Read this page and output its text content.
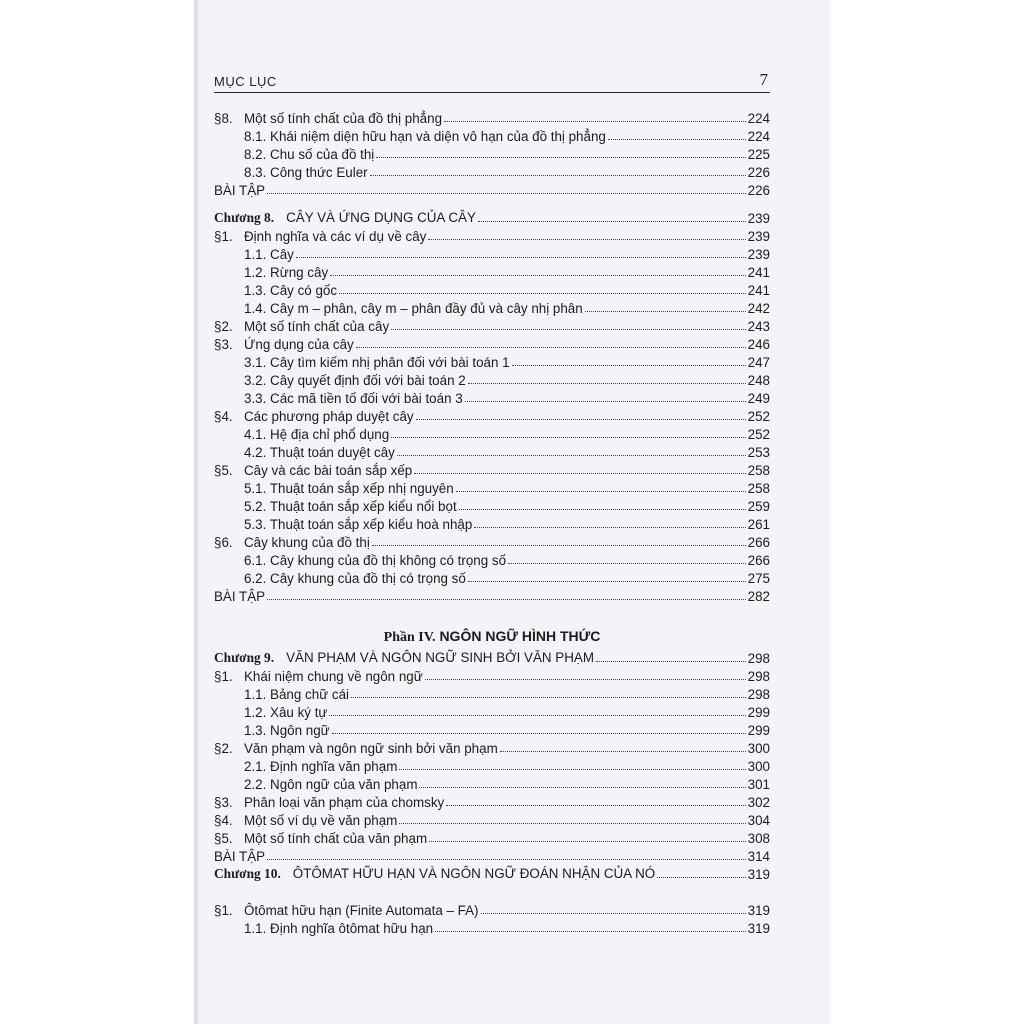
MỤC LỤC	7
Phần IV. NGÔN NGỮ HÌNH THỨC
§8. Một số tính chất của đồ thị phẳng	224
8.1. Khái niệm diện hữu hạn và diện vô hạn của đồ thị phẳng	224
8.2. Chu số của đồ thị	225
8.3. Công thức Euler	226
BÀI TẬP	226
Chương 8. CÂY VÀ ỨNG DỤNG CỦA CÂY	239
§1. Định nghĩa và các ví dụ về cây	239
1.1. Cây	239
1.2. Rừng cây	241
1.3. Cây có gốc	241
1.4. Cây m – phân, cây m – phân đầy đủ và cây nhị phân	242
§2. Một số tính chất của cây	243
§3. Ứng dụng của cây	246
3.1. Cây tìm kiếm nhị phân đối với bài toán 1	247
3.2. Cây quyết định đối với bài toán 2	248
3.3. Các mã tiền tố đối với bài toán 3	249
§4. Các phương pháp duyệt cây	252
4.1. Hệ địa chỉ phổ dụng	252
4.2. Thuật toán duyệt cây	253
§5. Cây và các bài toán sắp xếp	258
5.1. Thuật toán sắp xếp nhị nguyên	258
5.2. Thuật toán sắp xếp kiểu nổi bọt	259
5.3. Thuật toán sắp xếp kiểu hoà nhập	261
§6. Cây khung của đồ thị	266
6.1. Cây khung của đồ thị không có trọng số	266
6.2. Cây khung của đồ thị có trọng số	275
BÀI TẬP	282
Chương 9. VĂN PHẠM VÀ NGÔN NGỮ SINH BỞI VĂN PHẠM	298
§1. Khái niệm chung về ngôn ngữ	298
1.1. Bảng chữ cái	298
1.2. Xâu ký tự	299
1.3. Ngôn ngữ	299
§2. Văn phạm và ngôn ngữ sinh bởi văn phạm	300
2.1. Định nghĩa văn phạm	300
2.2. Ngôn ngữ của văn phạm	301
§3. Phân loại văn phạm của chomsky	302
§4. Một số ví dụ về văn phạm	304
§5. Một số tính chất của văn phạm	308
BÀI TẬP	314
Chương 10. ÔTÔMAT HỮU HẠN VÀ NGÔN NGỮ ĐOÁN NHẬN CỦA NÓ	319
§1. Ôtômat hữu hạn (Finite Automata – FA)	319
1.1. Định nghĩa ôtômat hữu hạn	319
